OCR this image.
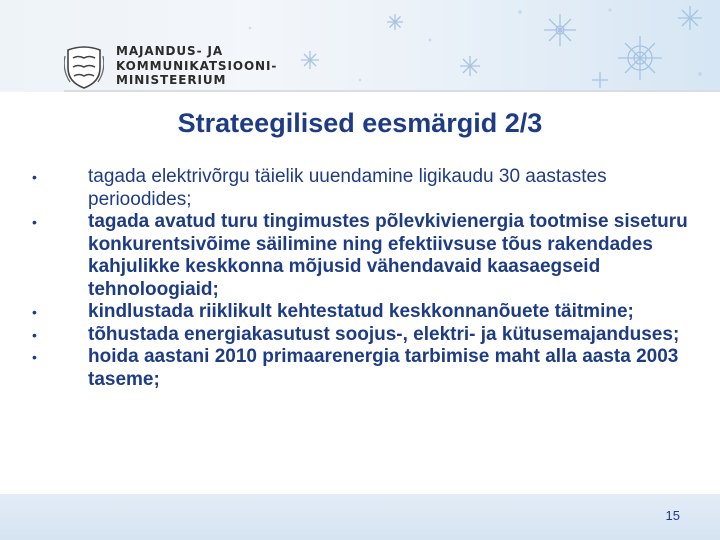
MAJANDUS- JA
KOMMUNIKATSIOONI-
MINISTEERIUM
Strateegilised eesmärgid 2/3
•	tagada elektrivõrgu täielik uuendamine ligikaudu 30 aastastes perioodides;
•	tagada avatud turu tingimustes põlevkivienergia tootmise siseturu konkurentsivõime säilimine ning efektiivsuse tõus rakendades kahjulikke keskkonna mõjusid vähendavaid kaasaegseid tehnoloogiaid;
•	kindlustada riiklikult kehtestatud keskkonnanõuete täitmine;
•	tõhustada energiakasutust soojus-, elektri- ja kütusemajanduses;
•	hoida aastani 2010 primaarenergia tarbimise maht alla aasta 2003 taseme;
15
